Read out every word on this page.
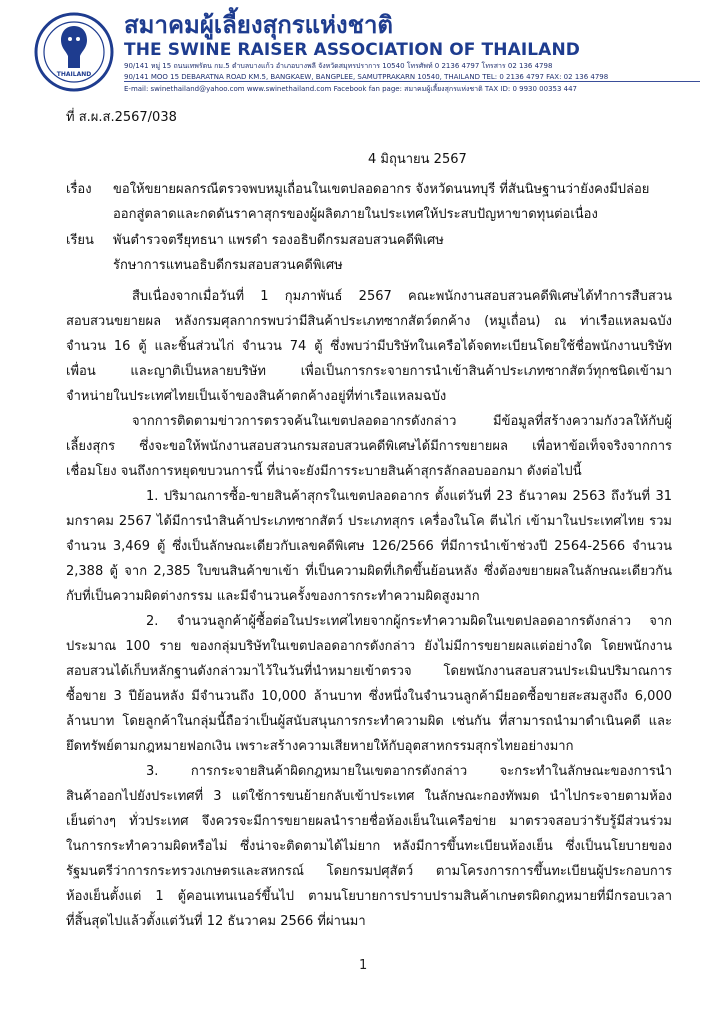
THAILAND
สมาคมผู้เลี้ยงสุกรแห่งชาติ
THE SWINE RAISER ASSOCIATION OF THAILAND
90/141 หมู่ 15 ถนนเทพรัตน กม.5 ตำบลบางแก้ว อำเภอบางพลี จังหวัดสมุทรปราการ 10540 โทรศัพท์ 0 2136 4797 โทรสาร 02 136 4798
90/141 MOO 15 DEBARATNA ROAD KM.5, BANGKAEW, BANGPLEE, SAMUTPRAKARN 10540, THAILAND TEL: 0 2136 4797 FAX: 02 136 4798
E-mail: swinethailand@yahoo.com www.swinethailand.com Facebook fan page: สมาคมผู้เลี้ยงสุกรแห่งชาติ TAX ID: 0 9930 00353 447
ที่ ส.ผ.ส.2567/038
4 มิถุนายน 2567
เรื่อง ขอให้ขยายผลกรณีตรวจพบหมูเถื่อนในเขตปลอดอากร จังหวัดนนทบุรี ที่สันนิษฐานว่ายังคงมีปล่อย
ออกสู่ตลาดและกดดันราคาสุกรของผู้ผลิตภายในประเทศให้ประสบปัญหาขาดทุนต่อเนื่อง
เรียน พันตำรวจตรียุทธนา แพรดำ รองอธิบดีกรมสอบสวนคดีพิเศษ
รักษาการแทนอธิบดีกรมสอบสวนคดีพิเศษ
สืบเนื่องจากเมื่อวันที่ 1 กุมภาพันธ์ 2567 คณะพนักงานสอบสวนคดีพิเศษได้ทำการสืบสวน
สอบสวนขยายผล หลังกรมศุลกากรพบว่ามีสินค้าประเภทซากสัตว์ตกค้าง (หมูเถื่อน) ณ ท่าเรือแหลมฉบัง
จำนวน 16 ตู้ และชิ้นส่วนไก่ จำนวน 74 ตู้ ซึ่งพบว่ามีบริษัทในเครือได้จดทะเบียนโดยใช้ชื่อพนักงานบริษัท
เพื่อน และญาติเป็นหลายบริษัท เพื่อเป็นการกระจายการนำเข้าสินค้าประเภทซากสัตว์ทุกชนิดเข้ามา
จำหน่ายในประเทศไทยเป็นเจ้าของสินค้าตกค้างอยู่ที่ท่าเรือแหลมฉบัง
จากการติดตามข่าวการตรวจค้นในเขตปลอดอากรดังกล่าว มีข้อมูลที่สร้างความกังวลให้กับผู้
เลี้ยงสุกร ซึ่งจะขอให้พนักงานสอบสวนกรมสอบสวนคดีพิเศษได้มีการขยายผล เพื่อหาข้อเท็จจริงจากการ
เชื่อมโยง จนถึงการหยุดขบวนการนี้ ที่น่าจะยังมีการระบายสินค้าสุกรลักลอบออกมา ดังต่อไปนี้
1. ปริมาณการซื้อ-ขายสินค้าสุกรในเขตปลอดอากร ตั้งแต่วันที่ 23 ธันวาคม 2563 ถึงวันที่ 31
มกราคม 2567 ได้มีการนำสินค้าประเภทซากสัตว์ ประเภทสุกร เครื่องในโค ตีนไก่ เข้ามาในประเทศไทย รวม
จำนวน 3,469 ตู้ ซึ่งเป็นลักษณะเดียวกับเลขคดีพิเศษ 126/2566 ที่มีการนำเข้าช่วงปี 2564-2566 จำนวน
2,388 ตู้ จาก 2,385 ใบขนสินค้าขาเข้า ที่เป็นความผิดที่เกิดขึ้นย้อนหลัง ซึ่งต้องขยายผลในลักษณะเดียวกัน
กับที่เป็นความผิดต่างกรรม และมีจำนวนครั้งของการกระทำความผิดสูงมาก
2. จำนวนลูกค้าผู้ซื้อต่อในประเทศไทยจากผู้กระทำความผิดในเขตปลอดอากรดังกล่าว จาก
ประมาณ 100 ราย ของกลุ่มบริษัทในเขตปลอดอากรดังกล่าว ยังไม่มีการขยายผลแต่อย่างใด โดยพนักงาน
สอบสวนได้เก็บหลักฐานดังกล่าวมาไว้ในวันที่นำหมายเข้าตรวจ โดยพนักงานสอบสวนประเมินปริมาณการ
ซื้อขาย 3 ปีย้อนหลัง มีจำนวนถึง 10,000 ล้านบาท ซึ่งหนึ่งในจำนวนลูกค้ามียอดซื้อขายสะสมสูงถึง 6,000
ล้านบาท โดยลูกค้าในกลุ่มนี้ถือว่าเป็นผู้สนับสนุนการกระทำความผิด เช่นกัน ที่สามารถนำมาดำเนินคดี และ
ยึดทรัพย์ตามกฎหมายฟอกเงิน เพราะสร้างความเสียหายให้กับอุตสาหกรรมสุกรไทยอย่างมาก
3. การกระจายสินค้าผิดกฎหมายในเขตอากรดังกล่าว จะกระทำในลักษณะของการนำ
สินค้าออกไปยังประเทศที่ 3 แต่ใช้การขนย้ายกลับเข้าประเทศ ในลักษณะกองทัพมด นำไปกระจายตามห้อง
เย็นต่างๆ ทั่วประเทศ จึงควรจะมีการขยายผลนำรายชื่อห้องเย็นในเครือข่าย มาตรวจสอบว่ารับรู้มีส่วนร่วม
ในการกระทำความผิดหรือไม่ ซึ่งน่าจะติดตามได้ไม่ยาก หลังมีการขึ้นทะเบียนห้องเย็น ซึ่งเป็นนโยบายของ
รัฐมนตรีว่าการกระทรวงเกษตรและสหกรณ์ โดยกรมปศุสัตว์ ตามโครงการการขึ้นทะเบียนผู้ประกอบการ
ห้องเย็นตั้งแต่ 1 ตู้คอนเทนเนอร์ขึ้นไป ตามนโยบายการปราบปรามสินค้าเกษตรผิดกฎหมายที่มีกรอบเวลา
ที่สิ้นสุดไปแล้วตั้งแต่วันที่ 12 ธันวาคม 2566 ที่ผ่านมา
1
